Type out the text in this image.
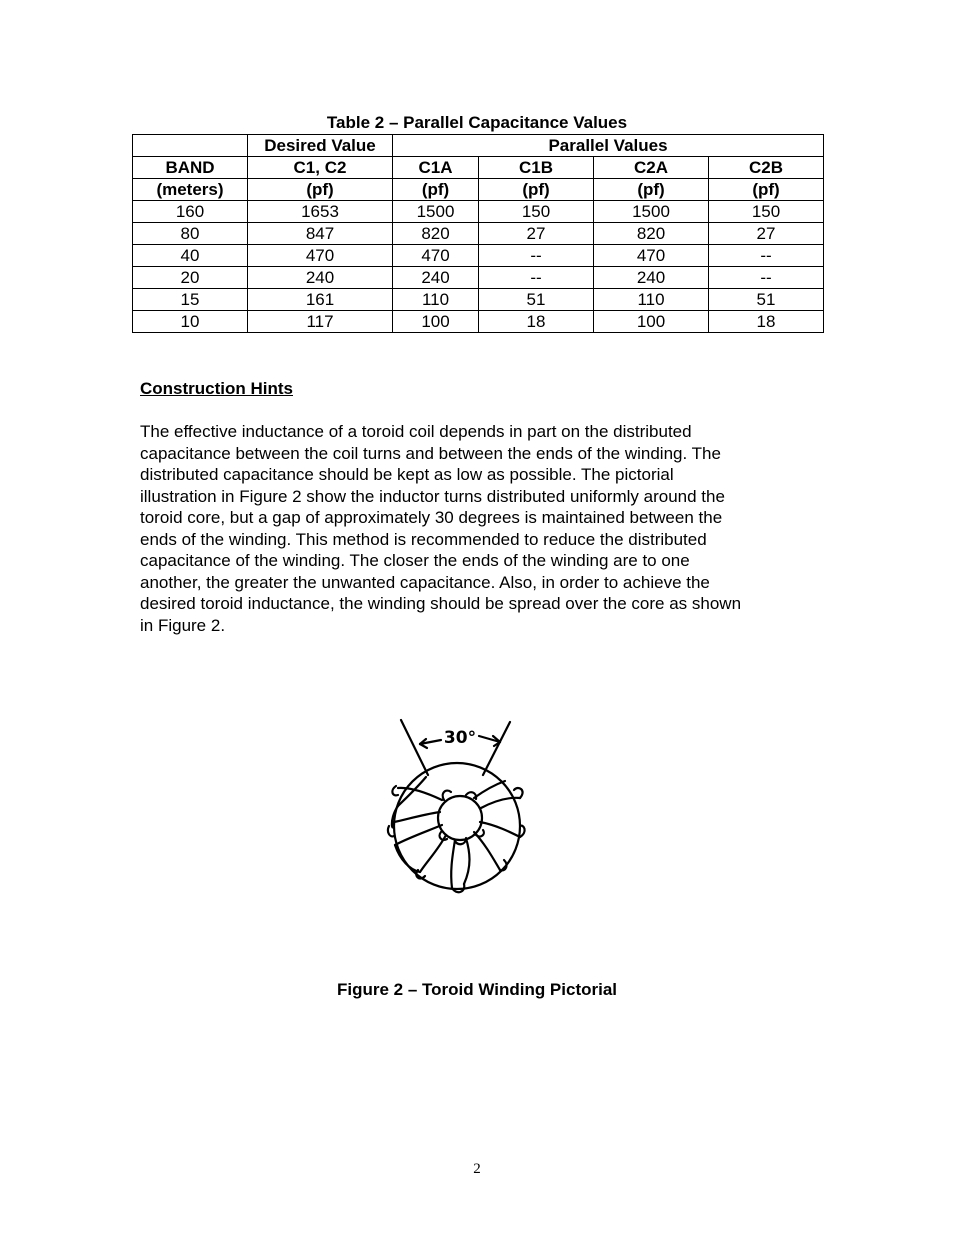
Table 2 – Parallel Capacitance Values
	Desired Value	Parallel Values			
BAND	C1, C2	C1A	C1B	C2A	C2B
(meters)	(pf)	(pf)	(pf)	(pf)	(pf)
160	1653	1500	150	1500	150
80	847	820	27	820	27
40	470	470	--	470	--
20	240	240	--	240	--
15	161	110	51	110	51
10	117	100	18	100	18
Construction Hints

The effective inductance of a toroid coil depends in part on the distributed
capacitance between the coil turns and between the ends of the winding. The
distributed capacitance should be kept as low as possible. The pictorial
illustration in Figure 2 show the inductor turns distributed uniformly around the
toroid core, but a gap of approximately 30 degrees is maintained between the
ends of the winding. This method is recommended to reduce the distributed
capacitance of the winding. The closer the ends of the winding are to one
another, the greater the unwanted capacitance. Also, in order to achieve the
desired toroid inductance, the winding should be spread over the core as shown
in Figure 2.

30°
Figure 2 – Toroid Winding Pictorial
2
